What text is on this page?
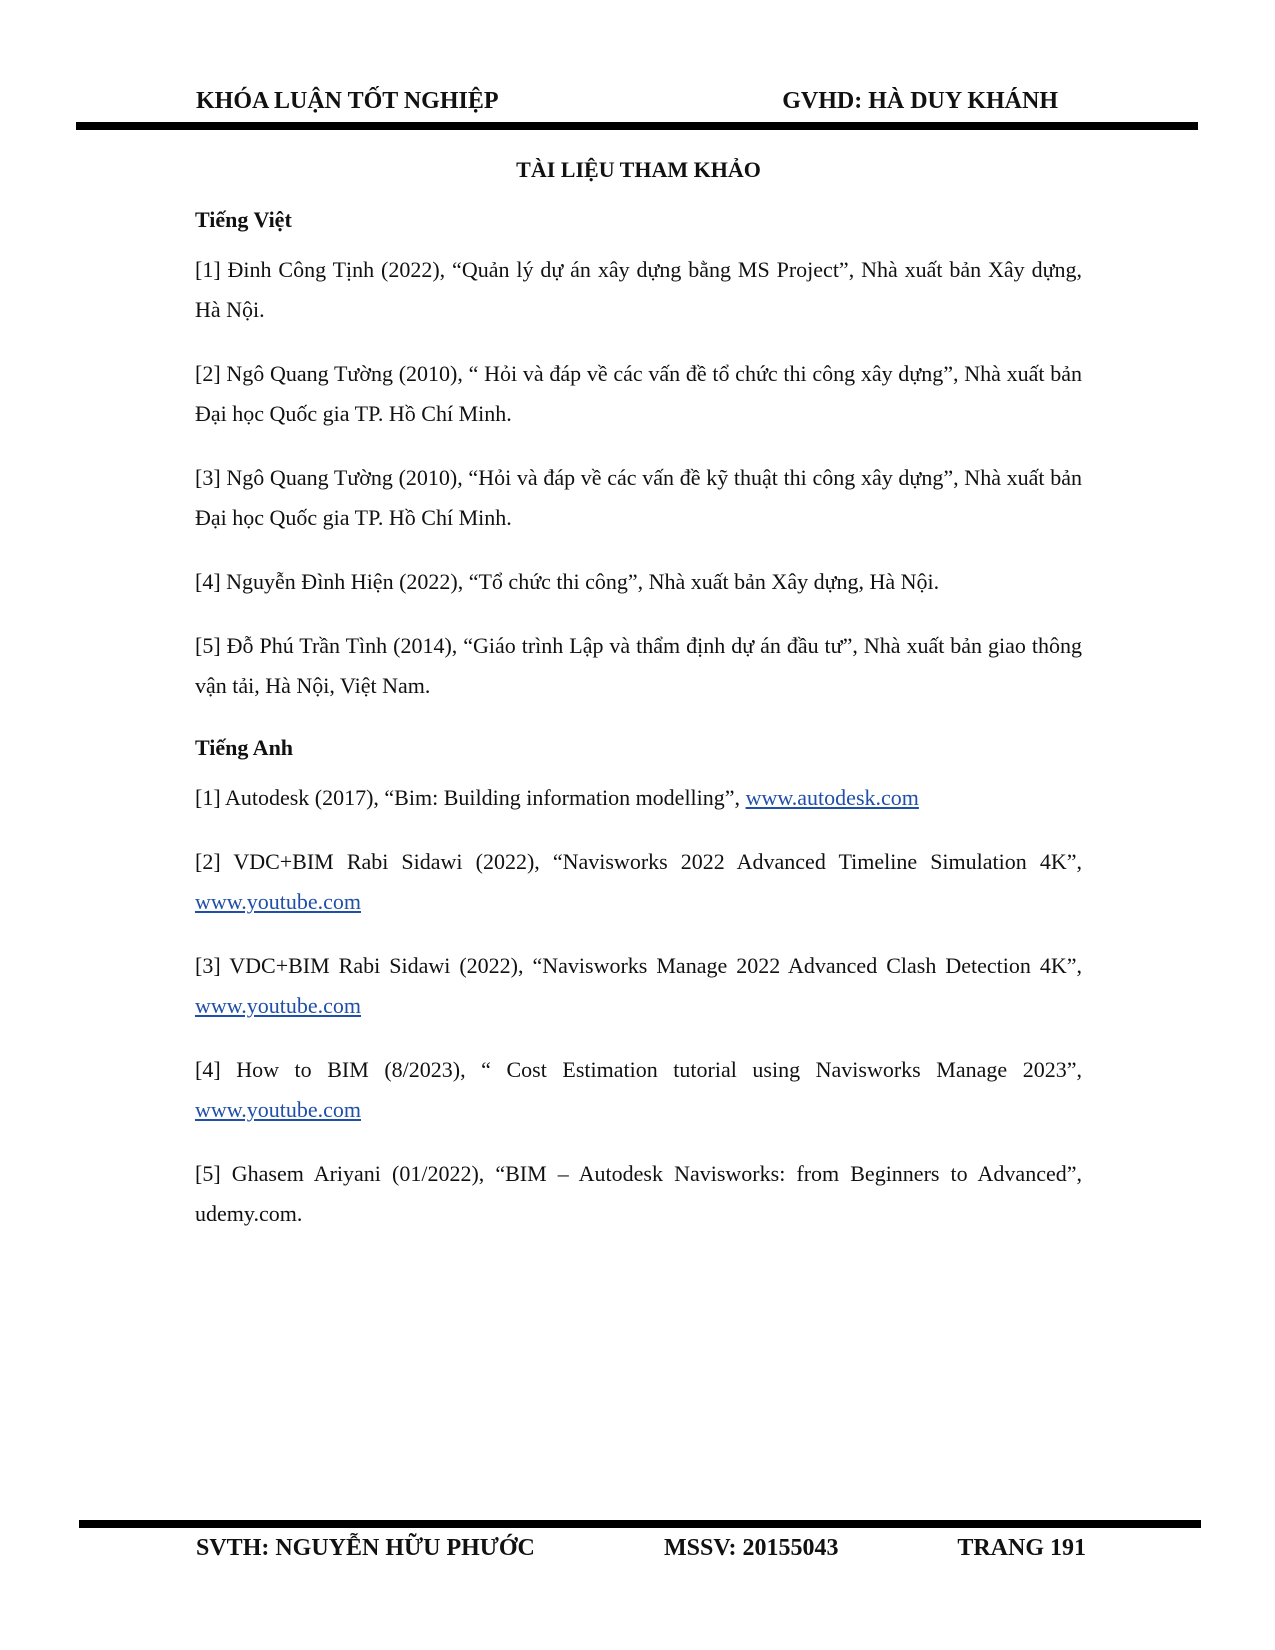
KHÓA LUẬN TỐT NGHIỆP	GVHD: HÀ DUY KHÁNH
TÀI LIỆU THAM KHẢO
Tiếng Việt

[1] Đinh Công Tịnh (2022), “Quản lý dự án xây dựng bằng MS Project”, Nhà xuất bản Xây dựng, Hà Nội.

[2] Ngô Quang Tường (2010), “ Hỏi và đáp về các vấn đề tổ chức thi công xây dựng”, Nhà xuất bản Đại học Quốc gia TP. Hồ Chí Minh.

[3] Ngô Quang Tường (2010), “Hỏi và đáp về các vấn đề kỹ thuật thi công xây dựng”, Nhà xuất bản Đại học Quốc gia TP. Hồ Chí Minh.

[4] Nguyễn Đình Hiện (2022), “Tổ chức thi công”, Nhà xuất bản Xây dựng, Hà Nội.

[5] Đỗ Phú Trần Tình (2014), “Giáo trình Lập và thẩm định dự án đầu tư”, Nhà xuất bản giao thông vận tải, Hà Nội, Việt Nam.

Tiếng Anh

[1] Autodesk (2017), “Bim: Building information modelling”, www.autodesk.com

[2] VDC+BIM Rabi Sidawi (2022), “Navisworks 2022 Advanced Timeline Simulation 4K”, www.youtube.com

[3] VDC+BIM Rabi Sidawi (2022), “Navisworks Manage 2022 Advanced Clash Detection 4K”, www.youtube.com

[4] How to BIM (8/2023), “ Cost Estimation tutorial using Navisworks Manage 2023”, www.youtube.com

[5] Ghasem Ariyani (01/2022), “BIM – Autodesk Navisworks: from Beginners to Advanced”, udemy.com.

SVTH: NGUYỄN HỮU PHƯỚC	MSSV: 20155043	TRANG 191
